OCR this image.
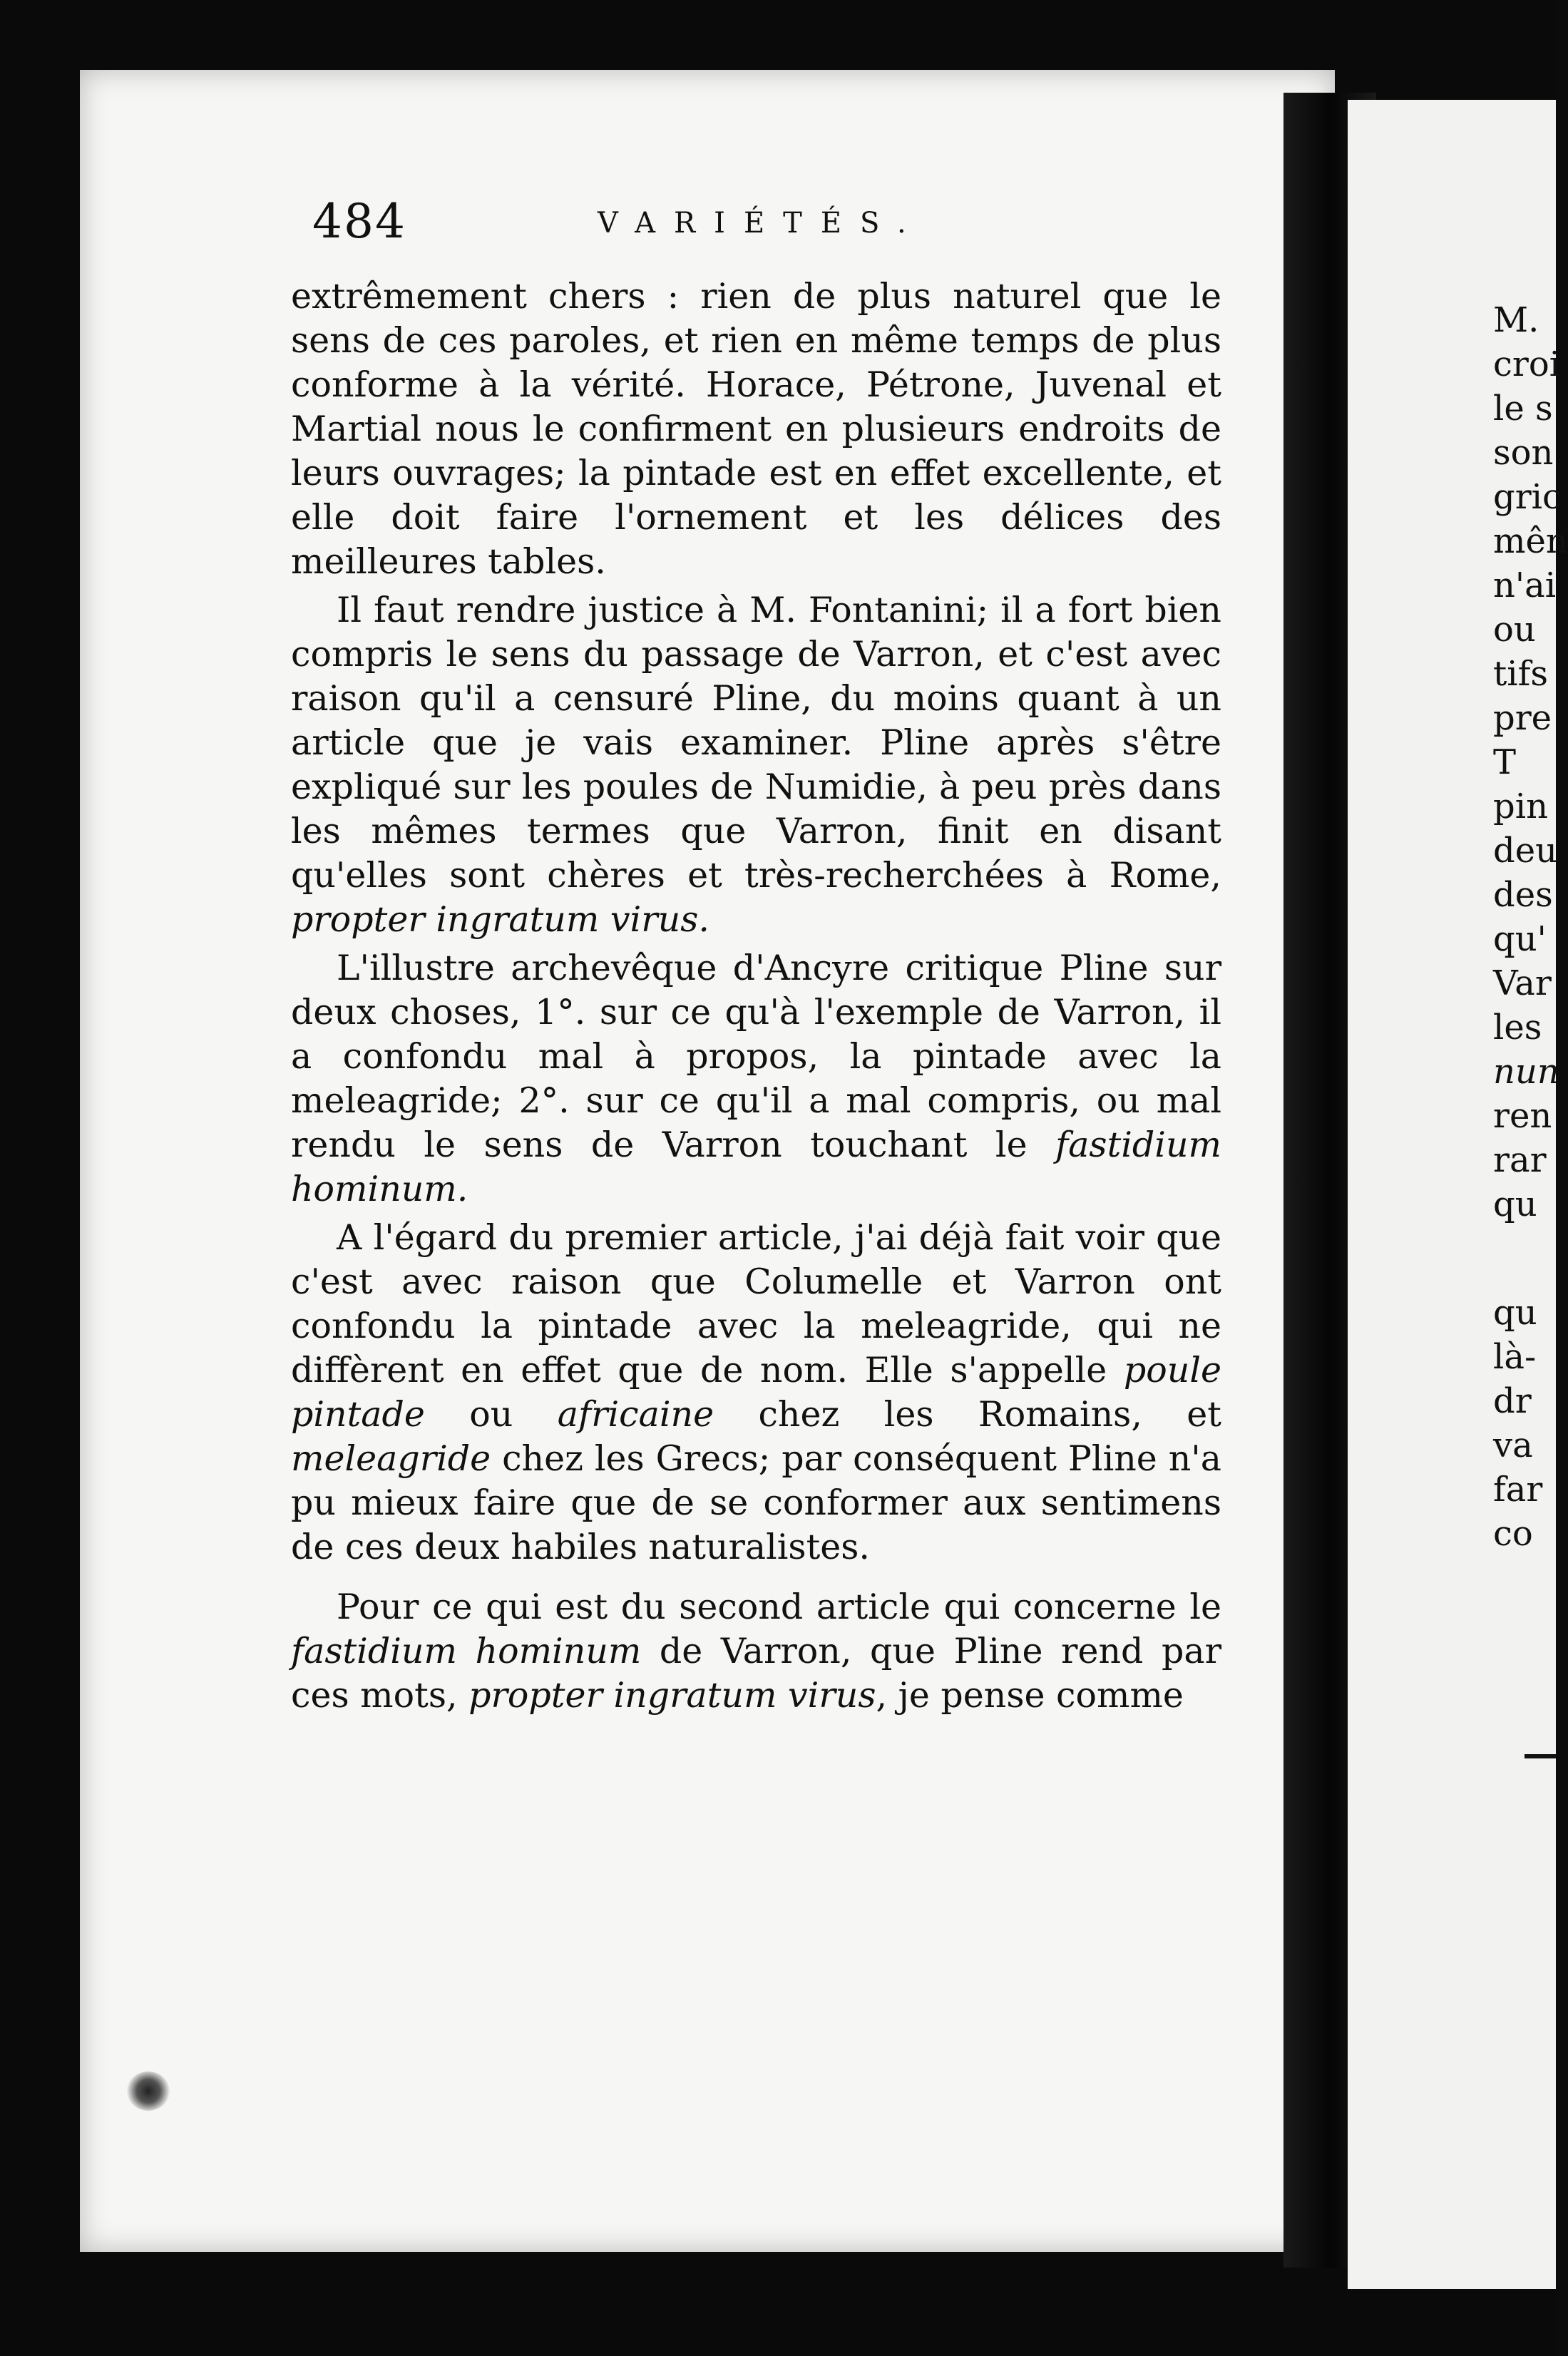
484	VARIÉTÉS.

extrêmement chers : rien de plus naturel que le sens de ces paroles, et rien en même temps de plus conforme à la vérité. Horace, Pétrone, Juvenal et Martial nous le confirment en plusieurs endroits de leurs ouvrages; la pintade est en effet excellente, et elle doit faire l'ornement et les délices des meilleures tables.

Il faut rendre justice à M. Fontanini; il a fort bien compris le sens du passage de Varron, et c'est avec raison qu'il a censuré Pline, du moins quant à un article que je vais examiner. Pline après s'être expliqué sur les poules de Numidie, à peu près dans les mêmes termes que Varron, finit en disant qu'elles sont chères et très-recherchées à Rome, propter ingratum virus.

L'illustre archevêque d'Ancyre critique Pline sur deux choses, 1°. sur ce qu'à l'exemple de Varron, il a confondu mal à propos, la pintade avec la meleagride; 2°. sur ce qu'il a mal compris, ou mal rendu le sens de Varron touchant le fastidium hominum.

A l'égard du premier article, j'ai déjà fait voir que c'est avec raison que Columelle et Varron ont confondu la pintade avec la meleagride, qui ne diffèrent en effet que de nom. Elle s'appelle poule pintade ou africaine chez les Romains, et meleagride chez les Grecs; par conséquent Pline n'a pu mieux faire que de se conformer aux sentimens de ces deux habiles naturalistes.

Pour ce qui est du second article qui concerne le fastidium hominum de Varron, que Pline rend par ces mots, propter ingratum virus, je pense comme

M.
croi
le s
son
gric
mên
n'ai
ou
tifs
pre
T
pin
deu
des
qu'
Var
les
nun
ren
rar
qu
qu
là-
dr
va
far
co
